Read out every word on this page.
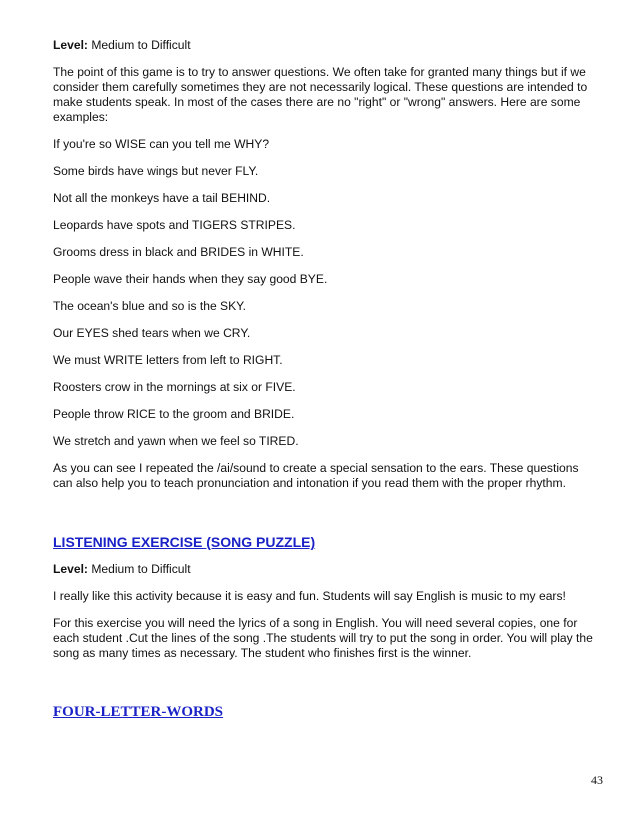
Level: Medium to Difficult

The point of this game is to try to answer questions. We often take for granted many things but if we consider them carefully sometimes they are not necessarily logical. These questions are intended to make students speak. In most of the cases there are no "right" or "wrong" answers. Here are some examples:

If you're so WISE can you tell me WHY?

Some birds have wings but never FLY.

Not all the monkeys have a tail BEHIND.

Leopards have spots and TIGERS STRIPES.

Grooms dress in black and BRIDES in WHITE.

People wave their hands when they say good BYE.

The ocean's blue and so is the SKY.

Our EYES shed tears when we CRY.

We must WRITE letters from left to RIGHT.

Roosters crow in the mornings at six or FIVE.

People throw RICE to the groom and BRIDE.

We stretch and yawn when we feel so TIRED.

As you can see I repeated the /ai/sound to create a special sensation to the ears. These questions can also help you to teach pronunciation and intonation if you read them with the proper rhythm.

LISTENING EXERCISE (SONG PUZZLE)

Level: Medium to Difficult

I really like this activity because it is easy and fun. Students will say English is music to my ears!

For this exercise you will need the lyrics of a song in English. You will need several copies, one for each student .Cut the lines of the song .The students will try to put the song in order. You will play the song as many times as necessary. The student who finishes first is the winner.

FOUR-LETTER-WORDS
43
